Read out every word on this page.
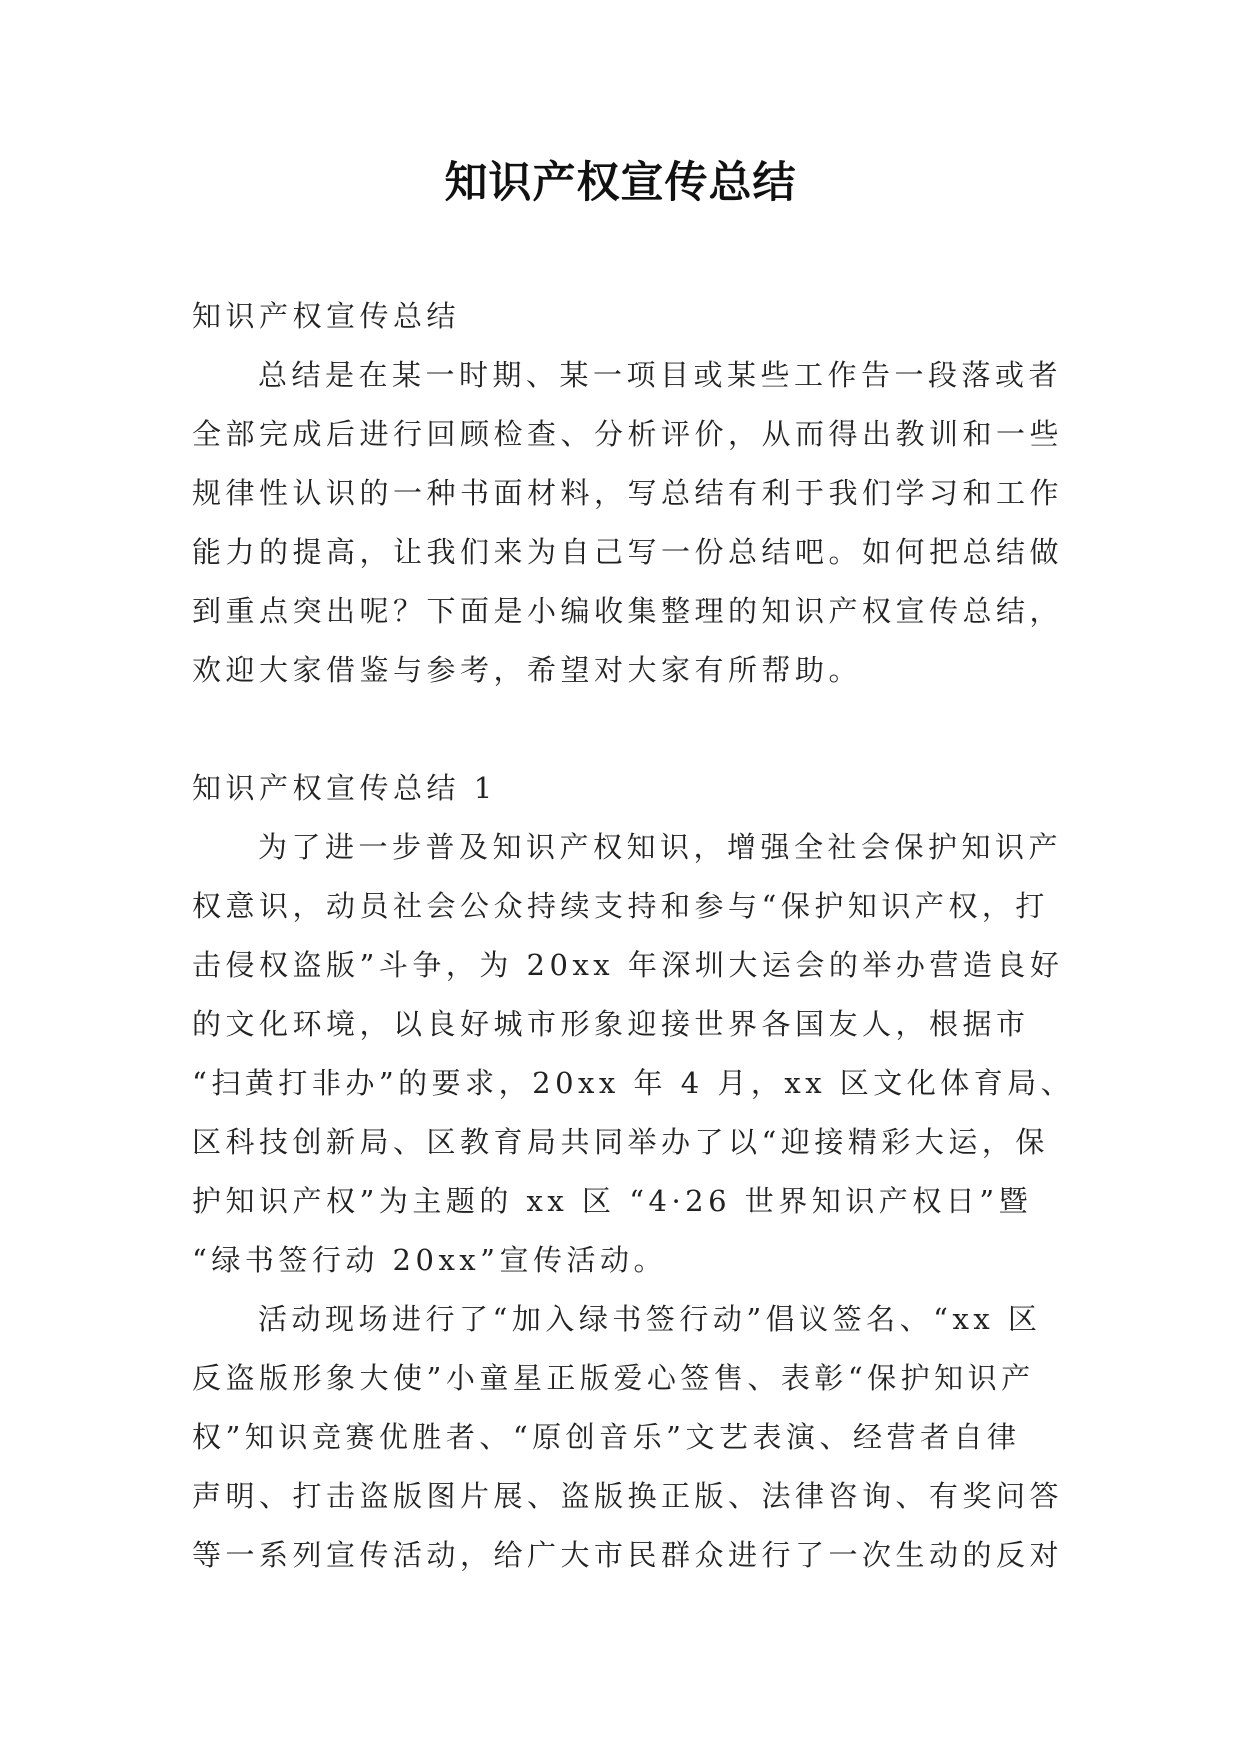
知识产权宣传总结

知识产权宣传总结

总结是在某一时期、某一项目或某些工作告一段落或者

全部完成后进行回顾检查、分析评价，从而得出教训和一些

规律性认识的一种书面材料，写总结有利于我们学习和工作

能力的提高，让我们来为自己写一份总结吧。如何把总结做

到重点突出呢？下面是小编收集整理的知识产权宣传总结，

欢迎大家借鉴与参考，希望对大家有所帮助。

知识产权宣传总结 1

为了进一步普及知识产权知识，增强全社会保护知识产

权意识，动员社会公众持续支持和参与“保护知识产权，打

击侵权盗版”斗争，为 20xx 年深圳大运会的举办营造良好

的文化环境，以良好城市形象迎接世界各国友人，根据市

“扫黄打非办”的要求，20xx 年 4 月，xx 区文化体育局、

区科技创新局、区教育局共同举办了以“迎接精彩大运，保

护知识产权”为主题的 xx 区 “4·26 世界知识产权日”暨

“绿书签行动 20xx”宣传活动。

活动现场进行了“加入绿书签行动”倡议签名、“xx 区

反盗版形象大使”小童星正版爱心签售、表彰“保护知识产

权”知识竞赛优胜者、“原创音乐”文艺表演、经营者自律

声明、打击盗版图片展、盗版换正版、法律咨询、有奖问答

等一系列宣传活动，给广大市民群众进行了一次生动的反对
